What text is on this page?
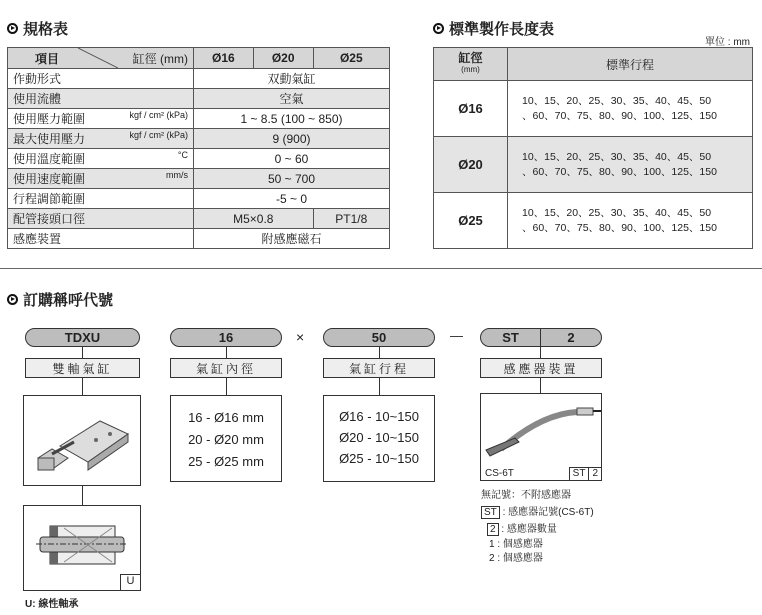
規格表
項目 缸徑 (mm)	Ø16	Ø20	Ø25
作動形式	双動氣缸		
使用流體	空氣		
使用壓力範圍 kgf / cm² (kPa)	1 ~ 8.5 (100 ~ 850)		
最大使用壓力 kgf / cm² (kPa)	9 (900)		
使用溫度範圍 °C	0 ~ 60		
使用速度範圍 mm/s	50 ~ 700		
行程調節範圍	-5 ~ 0		
配管接頭口徑	M5×0.8		PT1/8
感應裝置	附感應磁石		
標準製作長度表
單位 : mm
缸徑
(mm)	標準行程
Ø16	10、15、20、25、30、35、40、45、50
、60、70、75、80、90、100、125、150

Ø20	10、15、20、25、30、35、40、45、50
、60、70、75、80、90、100、125、150

Ø25	10、15、20、25、30、35、40、45、50
、60、70、75、80、90、100、125、150
訂購稱呼代號
TDXU	16	×	50	—	ST	2
雙軸氣缸	氣缸內徑	氣缸行程	感應器裝置
U
U: 線性軸承
16 - Ø16 mm
20 - Ø20 mm
25 - Ø25 mm
Ø16 - 10~150
Ø20 - 10~150
Ø25 - 10~150
CS-6T	ST 2
無記號：不附感應器
ST : 感應器記號(CS-6T)
2 : 感應器數量
1 : 個感應器
2 : 個感應器
